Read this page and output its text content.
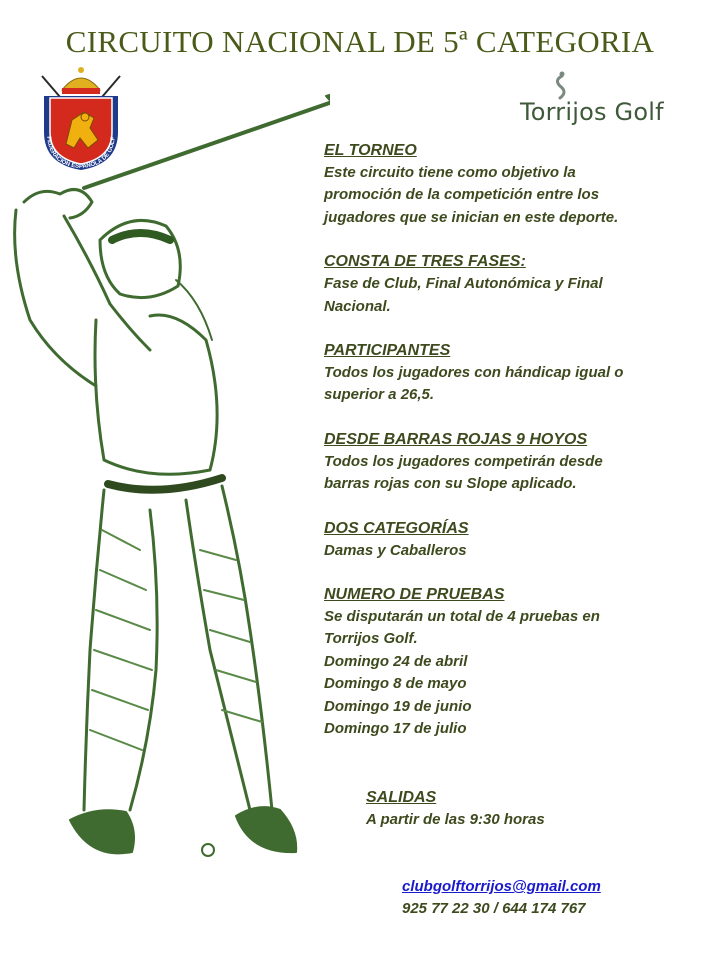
CIRCUITO NACIONAL DE 5ª CATEGORIA
FEDERACIÓN ESPAÑOLA DE GOLF
Torrijos Golf
EL TORNEO
Este circuito tiene como objetivo la
promoción de la competición entre los
jugadores que se inician en este deporte.
CONSTA DE TRES FASES:
Fase de Club, Final Autonómica y Final
Nacional.
PARTICIPANTES
Todos los jugadores con hándicap igual o
superior a 26,5.
DESDE BARRAS ROJAS 9 HOYOS
Todos los jugadores competirán desde
barras rojas con su Slope aplicado.
DOS CATEGORÍAS
Damas y Caballeros
NUMERO DE PRUEBAS
Se disputarán un total de 4 pruebas en
Torrijos Golf.
Domingo 24 de abril
Domingo 8 de mayo
Domingo 19 de junio
Domingo 17 de julio
SALIDAS
A partir de las 9:30 horas
clubgolftorrijos@gmail.com
925 77 22 30 / 644 174 767
